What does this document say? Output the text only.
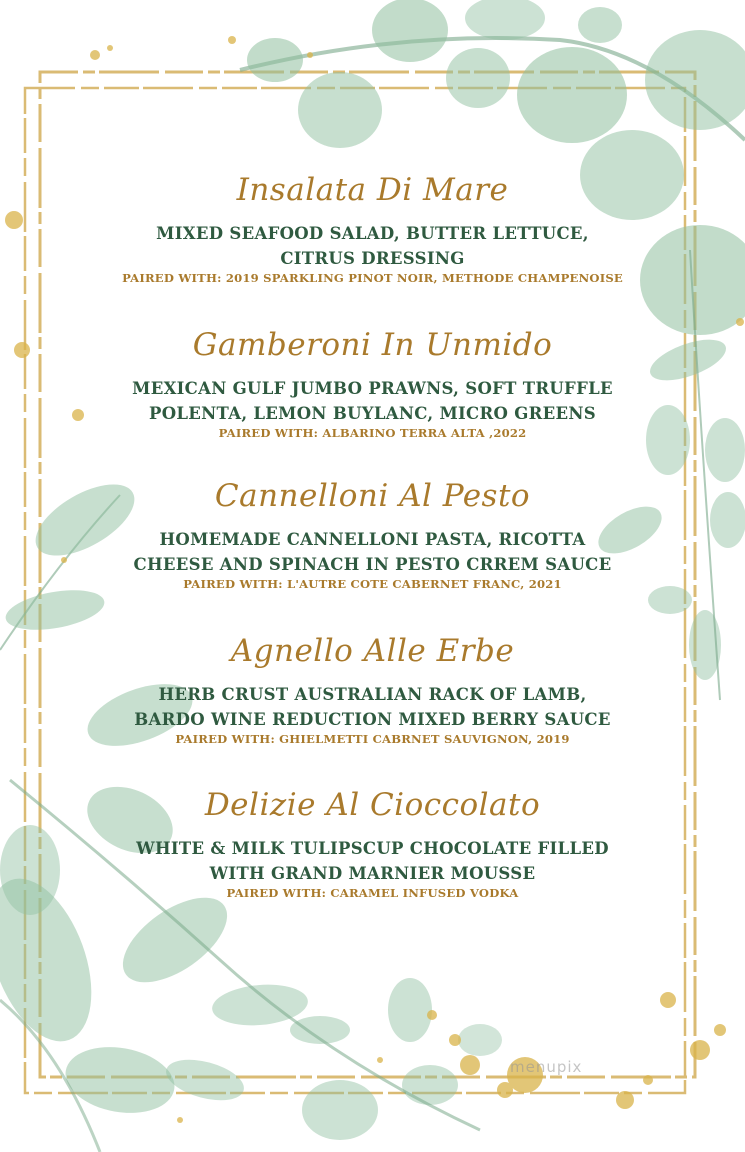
Insalata Di Mare
MIXED SEAFOOD SALAD, BUTTER LETTUCE,
CITRUS DRESSING
PAIRED WITH: 2019 SPARKLING PINOT NOIR, METHODE CHAMPENOISE
Gamberoni In Unmido
MEXICAN GULF JUMBO PRAWNS, SOFT TRUFFLE
POLENTA, LEMON BUYLANC, MICRO GREENS
PAIRED WITH: ALBARINO TERRA ALTA ,2022
Cannelloni Al Pesto
HOMEMADE CANNELLONI PASTA, RICOTTA
CHEESE AND SPINACH IN PESTO CRREM SAUCE
PAIRED WITH: L'AUTRE COTE CABERNET FRANC, 2021
Agnello Alle Erbe
HERB CRUST AUSTRALIAN RACK OF LAMB,
BARDO WINE REDUCTION MIXED BERRY SAUCE
PAIRED WITH: GHIELMETTI CABRNET SAUVIGNON, 2019
Delizie Al Cioccolato
WHITE & MILK TULIPSCUP CHOCOLATE FILLED
WITH GRAND MARNIER MOUSSE
PAIRED WITH: CARAMEL INFUSED VODKA
menupix
